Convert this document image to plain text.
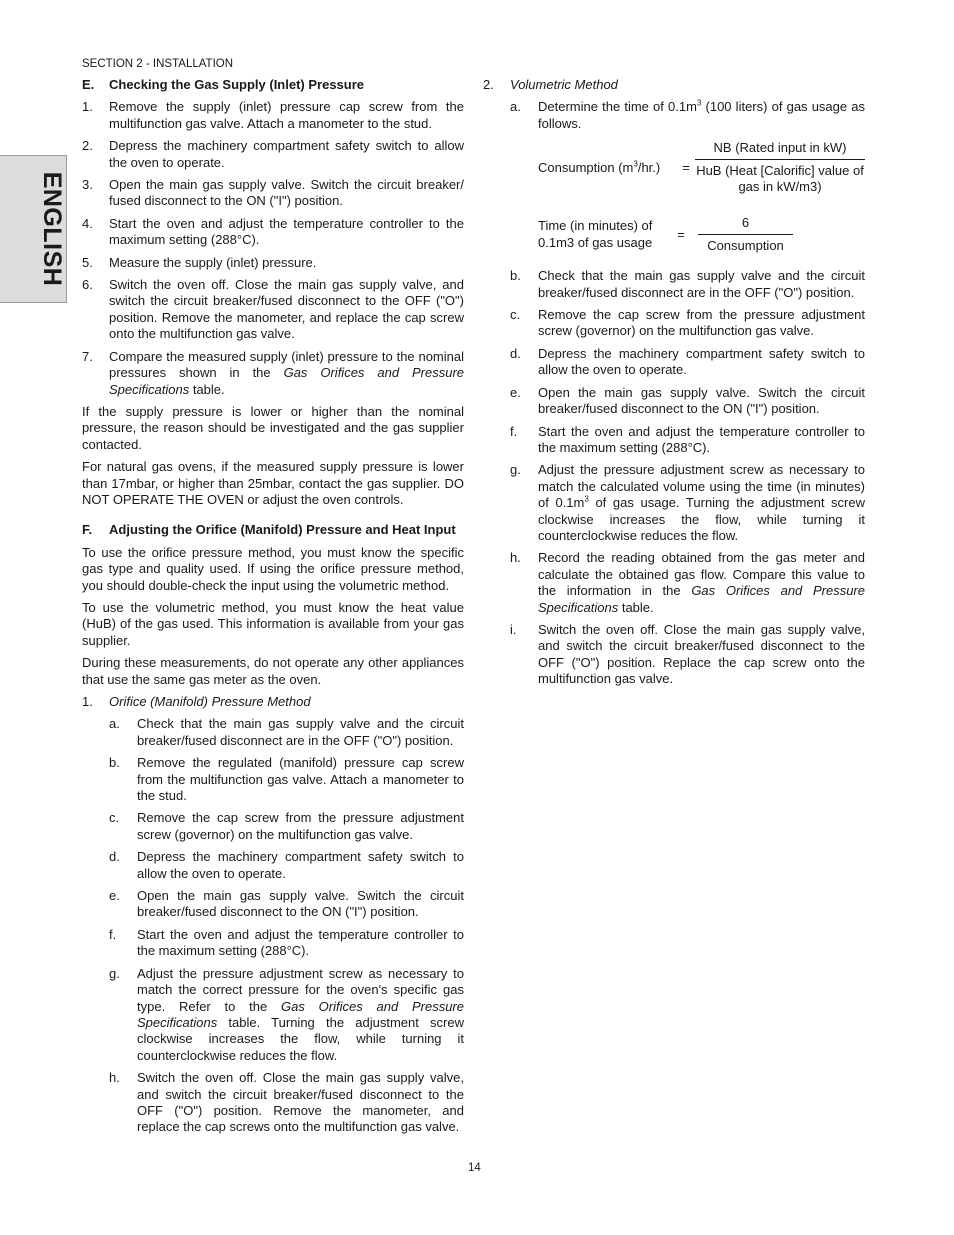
ENGLISH
SECTION 2 - INSTALLATION
E.	Checking the Gas Supply (Inlet) Pressure
1.	Remove the supply (inlet) pressure cap screw from the multifunction gas valve. Attach a manometer to the stud.
2.	Depress the machinery compartment safety switch to allow the oven to operate.
3.	Open the main gas supply valve. Switch the circuit breaker/ fused disconnect to the ON ("I") position.
4.	Start the oven and adjust the temperature controller to the maximum setting (288°C).
5.	Measure the supply (inlet) pressure.
6.	Switch the oven off. Close the main gas supply valve, and switch the circuit breaker/fused disconnect to the OFF ("O") position. Remove the manometer, and replace the cap screw onto the multifunction gas valve.
7.	Compare the measured supply (inlet) pressure to the nominal pressures shown in the Gas Orifices and Pressure Specifications table.
If the supply pressure is lower or higher than the nominal pressure, the reason should be investigated and the gas supplier contacted.
For natural gas ovens, if the measured supply pressure is lower than 17mbar, or higher than 25mbar, contact the gas supplier. DO NOT OPERATE THE OVEN or adjust the oven controls.
F.	Adjusting the Orifice (Manifold) Pressure and Heat Input
To use the orifice pressure method, you must know the specific gas type and quality used. If using the orifice pressure method, you should double-check the input using the volumetric method.
To use the volumetric method, you must know the heat value (HuB) of the gas used. This information is available from your gas supplier.
During these measurements, do not operate any other appliances that use the same gas meter as the oven.
1.	Orifice (Manifold) Pressure Method
a.	Check that the main gas supply valve and the circuit breaker/fused disconnect are in the OFF ("O") position.
b.	Remove the regulated (manifold) pressure cap screw from the multifunction gas valve. Attach a manometer to the stud.
c.	Remove the cap screw from the pressure adjustment screw (governor) on the multifunction gas valve.
d.	Depress the machinery compartment safety switch to allow the oven to operate.
e.	Open the main gas supply valve. Switch the circuit breaker/fused disconnect to the ON ("I") position.
f.	Start the oven and adjust the temperature controller to the maximum setting (288°C).
g.	Adjust the pressure adjustment screw as necessary to match the correct pressure for the oven's specific gas type. Refer to the Gas Orifices and Pressure Specifications table. Turning the adjustment screw clockwise increases the flow, while turning it counterclockwise reduces the flow.
h.	Switch the oven off. Close the main gas supply valve, and switch the circuit breaker/fused disconnect to the OFF ("O") position. Remove the manometer, and replace the cap screws onto the multifunction gas valve.
2.	Volumetric Method
a.	Determine the time of $0.1m^3$ (100 liters) of gas usage as follows.
Consumption $(m^3/hr.)$	= $\frac{\text{NB (Rated input in kW)}}{\text{HuB (Heat [Calorific] value of gas in kW/m3)}}$
Time (in minutes) of 0.1m3 of gas usage
=	$\frac{6}{\text{Consumption}}$
b.	Check that the main gas supply valve and the circuit breaker/fused disconnect are in the OFF ("O") position.
c.	Remove the cap screw from the pressure adjustment screw (governor) on the multifunction gas valve.
d.	Depress the machinery compartment safety switch to allow the oven to operate.
e.	Open the main gas supply valve. Switch the circuit breaker/fused disconnect to the ON ("I") position.
f.	Start the oven and adjust the temperature controller to the maximum setting (288°C).
g.	Adjust the pressure adjustment screw as necessary to match the calculated volume using the time (in minutes) of $0.1m^3$ of gas usage. Turning the adjustment screw clockwise increases the flow, while turning it counterclockwise reduces the flow.
h.	Record the reading obtained from the gas meter and calculate the obtained gas flow. Compare this value to the information in the Gas Orifices and Pressure Specifications table.
i.	Switch the oven off. Close the main gas supply valve, and switch the circuit breaker/fused disconnect to the OFF ("O") position. Replace the cap screw onto the multifunction gas valve.
14
